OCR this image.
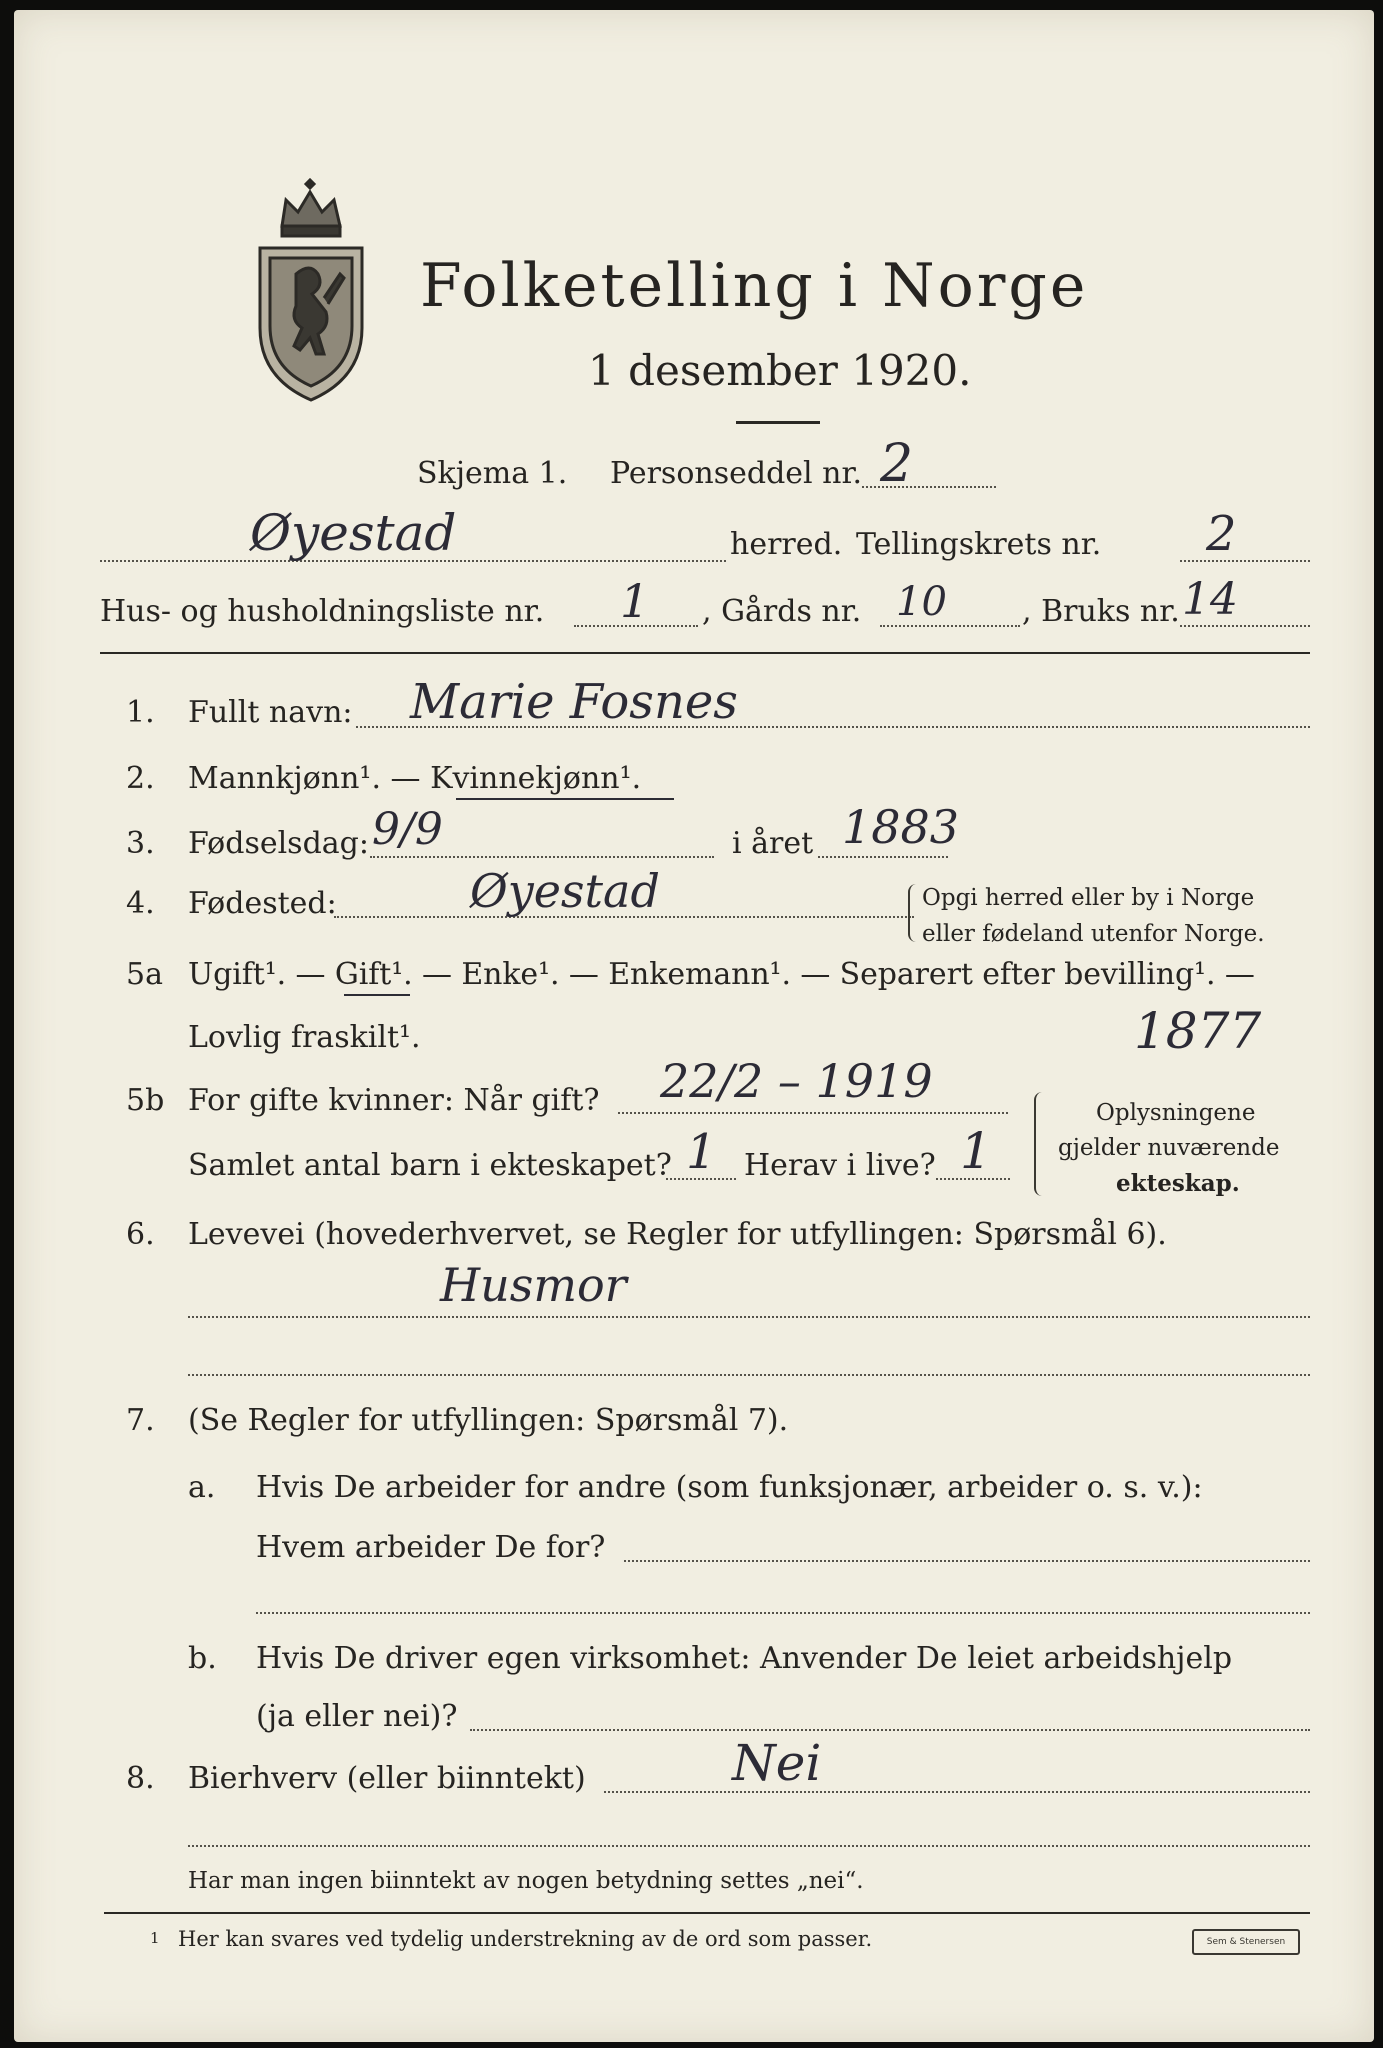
Folketelling i Norge
1 desember 1920.
Skjema 1. Personseddel nr. 2
Øyestad	herred. Tellingskrets nr. 2
Hus- og husholdningsliste nr. 1 , Gårds nr. 10	, Bruks nr. 14
1. Fullt navn: Marie Fosnes
2. Mannkjønn¹. — Kvinnekjønn¹.
3. Fødselsdag: 9/9	i året 1883
4. Fødested:	Øyestad	Opgi herred eller by i Norge
eller fødeland utenfor Norge.
5a Ugift¹. — Gift¹. — Enke¹. — Enkemann¹. — Separert efter bevilling¹. —
Lovlig fraskilt¹.	1877
5b For gifte kvinner: Når gift? 22/2 – 1919
Samlet antal barn i ekteskapet? 1 Herav i live? 1
Oplysningene
gjelder nuværende
ekteskap.
6. Levevei (hovederhvervet, se Regler for utfyllingen: Spørsmål 6).
Husmor
7. (Se Regler for utfyllingen: Spørsmål 7).
a. Hvis De arbeider for andre (som funksjonær, arbeider o. s. v.):
Hvem arbeider De for?
b. Hvis De driver egen virksomhet: Anvender De leiet arbeidshjelp
(ja eller nei)?
8. Bierhverv (eller biinntekt)	Nei
Har man ingen biinntekt av nogen betydning settes „nei“.
1 Her kan svares ved tydelig understrekning av de ord som passer.	Sem & Stenersen
